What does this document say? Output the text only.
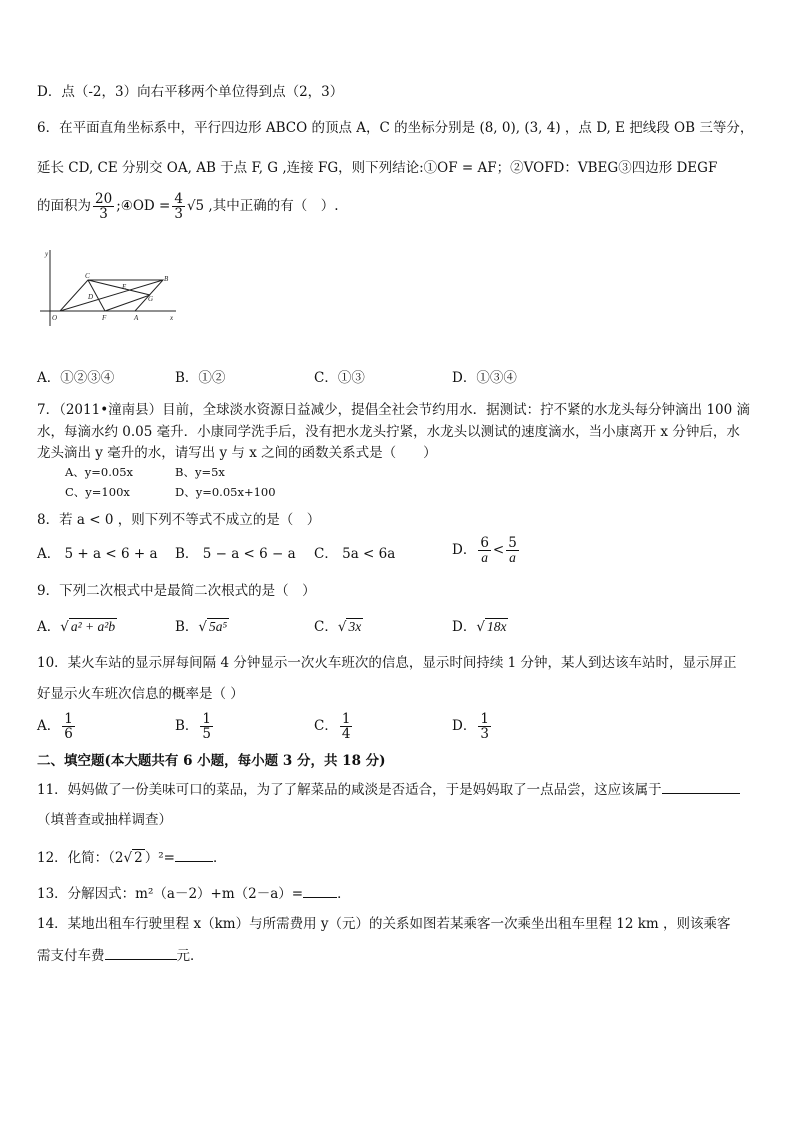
D．点（-2，3）向右平移两个单位得到点（2，3）
6．在平面直角坐标系中，平行四边形 ABCO 的顶点 A，C 的坐标分别是 (8, 0), (3, 4) ，点 D, E 把线段 OB 三等分，
延长 CD, CE 分别交 OA, AB 于点 F, G ,连接 FG，则下列结论:①OF = AF；②VOFD：VBEG③四边形 DEGF
的面积为 $\frac{20}{3}$ ;④OD = $\frac{4}{3} √5$ ,其中正确的有（　）.
y
x
O
C	B
D
E
G
F	A
A．①②③④	B．①②	C．①③	D．①③④
7．（2011•潼南县）目前，全球淡水资源日益减少，提倡全社会节约用水．据测试：拧不紧的水龙头每分钟滴出 100 滴
水，每滴水约 0.05 毫升．小康同学洗手后，没有把水龙头拧紧，水龙头以测试的速度滴水，当小康离开 x 分钟后，水
龙头滴出 y 毫升的水，请写出 y 与 x 之间的函数关系式是（　　）
A、y=0.05x	B、y=5x
C、y=100x	D、y=0.05x+100
8．若 a < 0 ，则下列不等式不成立的是（　）
A． 5 + a < 6 + a B． 5 − a < 6 − a C． 5a < 6a	D． $\frac{6}{a} < \frac{5}{a}$
9．下列二次根式中是最简二次根式的是（　）
A．√ a² + a²b	B．√ 5a⁵	C．√ 3x	D．√ 18x
10．某火车站的显示屏每间隔 4 分钟显示一次火车班次的信息，显示时间持续 1 分钟，某人到达该车站时，显示屏正
好显示火车班次信息的概率是（ ）
A． $\frac{1}{6}$	B． $\frac{1}{5}$	C． $\frac{1}{4}$	D． $\frac{1}{3}$
二、填空题(本大题共有 6 小题，每小题 3 分，共 18 分)
11．妈妈做了一份美味可口的菜品，为了了解菜品的咸淡是否适合，于是妈妈取了一点品尝，这应该属于
（填普查或抽样调查）
12．化简：（2√ 2 ）²=	．
13．分解因式：m²（a－2）+m（2－a）=	．
14．某地出租车行驶里程 x（km）与所需费用 y（元）的关系如图若某乘客一次乘坐出租车里程 12 km ，则该乘客
需支付车费	元．
